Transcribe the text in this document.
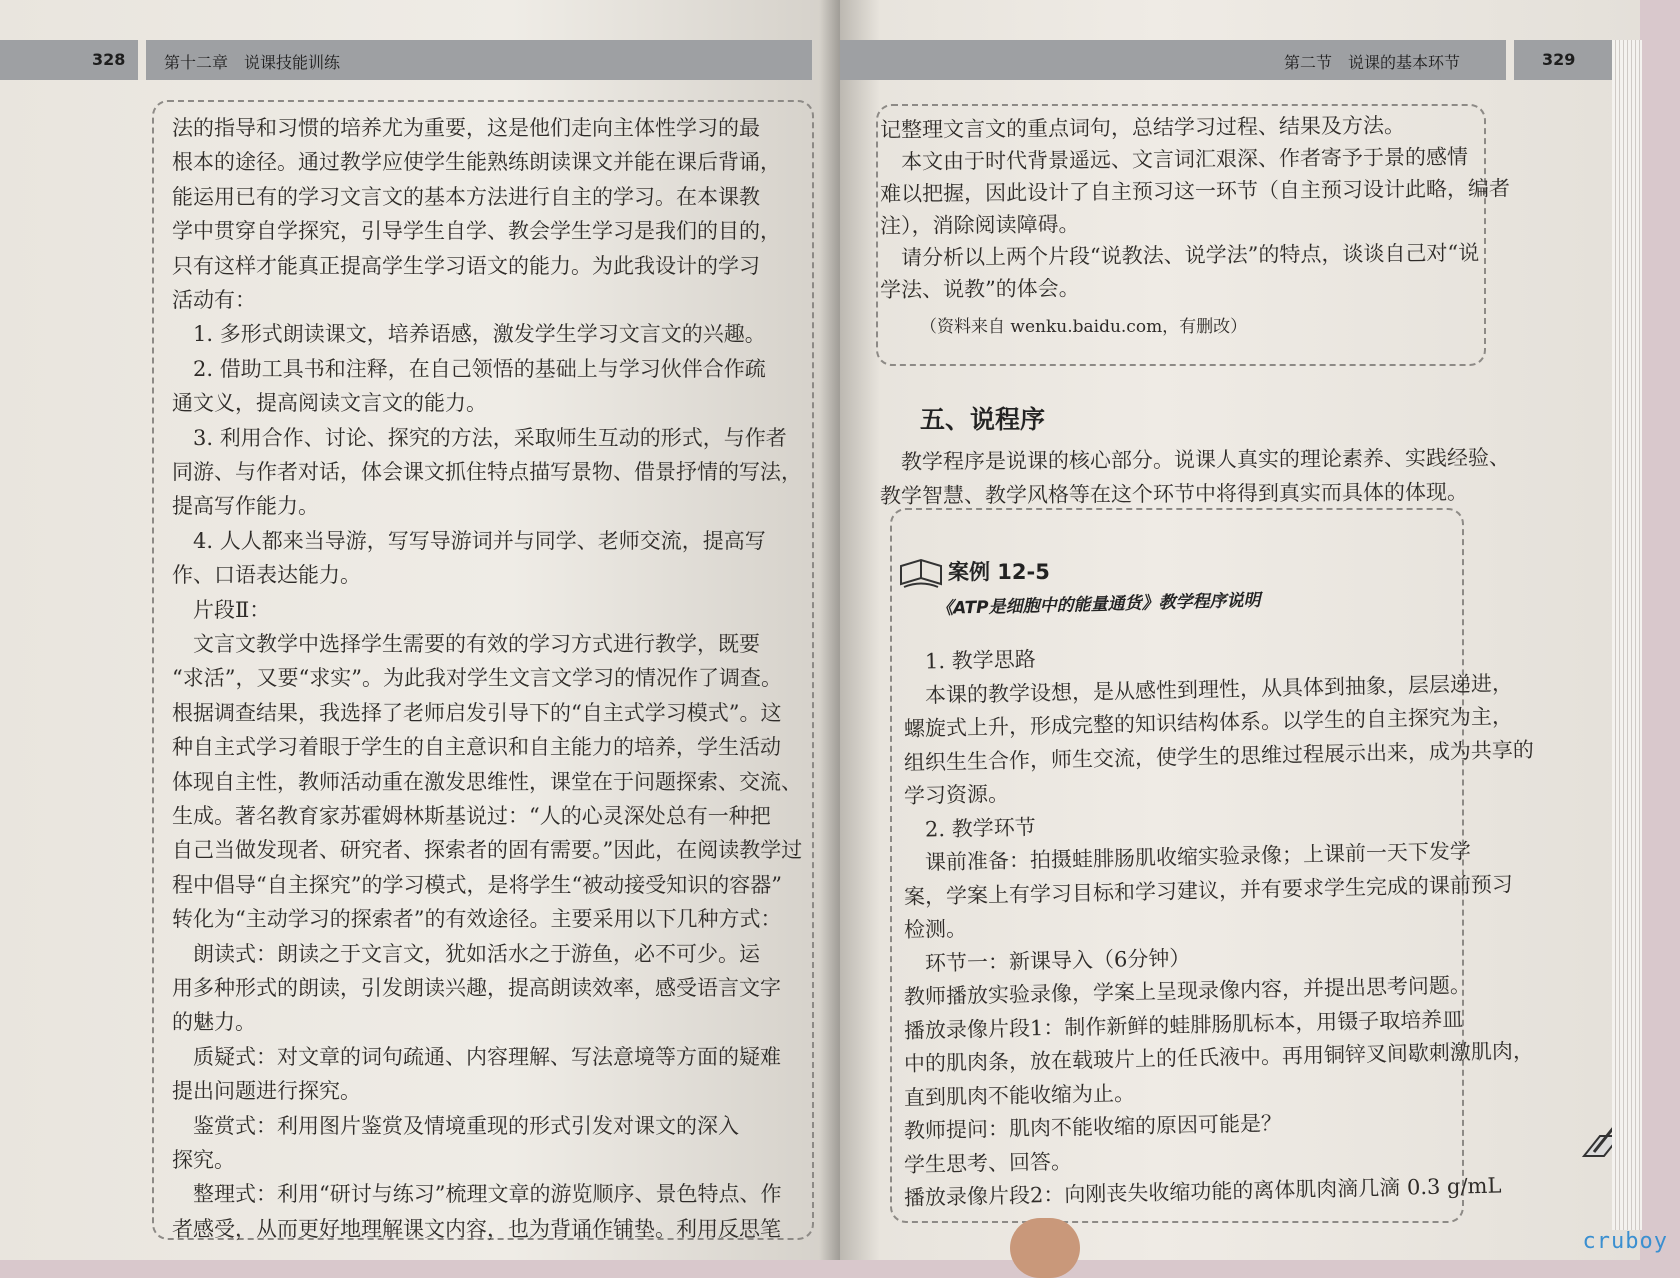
328 第十二章　说课技能训练
法的指导和习惯的培养尤为重要，这是他们走向主体性学习的最
根本的途径。通过教学应使学生能熟练朗读课文并能在课后背诵，
能运用已有的学习文言文的基本方法进行自主的学习。在本课教
学中贯穿自学探究，引导学生自学、教会学生学习是我们的目的，
只有这样才能真正提高学生学习语文的能力。为此我设计的学习
活动有：
　1. 多形式朗读课文，培养语感，激发学生学习文言文的兴趣。
　2. 借助工具书和注释，在自己领悟的基础上与学习伙伴合作疏
通文义，提高阅读文言文的能力。
　3. 利用合作、讨论、探究的方法，采取师生互动的形式，与作者
同游、与作者对话，体会课文抓住特点描写景物、借景抒情的写法，
提高写作能力。
　4. 人人都来当导游，写写导游词并与同学、老师交流，提高写
作、口语表达能力。
　片段Ⅱ：
　文言文教学中选择学生需要的有效的学习方式进行教学，既要
“求活”，又要“求实”。为此我对学生文言文学习的情况作了调查。
根据调查结果，我选择了老师启发引导下的“自主式学习模式”。这
种自主式学习着眼于学生的自主意识和自主能力的培养，学生活动
体现自主性，教师活动重在激发思维性，课堂在于问题探索、交流、
生成。著名教育家苏霍姆林斯基说过：“人的心灵深处总有一种把
自己当做发现者、研究者、探索者的固有需要。”因此，在阅读教学过
程中倡导“自主探究”的学习模式，是将学生“被动接受知识的容器”
转化为“主动学习的探索者”的有效途径。主要采用以下几种方式：
　朗读式：朗读之于文言文，犹如活水之于游鱼，必不可少。运
用多种形式的朗读，引发朗读兴趣，提高朗读效率，感受语言文字
的魅力。
　质疑式：对文章的词句疏通、内容理解、写法意境等方面的疑难
提出问题进行探究。
　鉴赏式：利用图片鉴赏及情境重现的形式引发对课文的深入
探究。
　整理式：利用“研讨与练习”梳理文章的游览顺序、景色特点、作
者感受，从而更好地理解课文内容，也为背诵作铺垫。利用反思笔
第二节　说课的基本环节	329
记整理文言文的重点词句，总结学习过程、结果及方法。
　本文由于时代背景遥远、文言词汇艰深、作者寄予于景的感情
难以把握，因此设计了自主预习这一环节（自主预习设计此略，编者
注），消除阅读障碍。
　请分析以上两个片段“说教法、说学法”的特点，谈谈自己对“说
学法、说教”的体会。
（资料来自 wenku.baidu.com，有删改）
五、说程序
　教学程序是说课的核心部分。说课人真实的理论素养、实践经验、
教学智慧、教学风格等在这个环节中将得到真实而具体的体现。
案例 12-5
《ATP是细胞中的能量通货》教学程序说明
　1. 教学思路
　本课的教学设想，是从感性到理性，从具体到抽象，层层递进，
螺旋式上升，形成完整的知识结构体系。以学生的自主探究为主，
组织生生合作，师生交流，使学生的思维过程展示出来，成为共享的
学习资源。
　2. 教学环节
　课前准备：拍摄蛙腓肠肌收缩实验录像；上课前一天下发学
案，学案上有学习目标和学习建议，并有要求学生完成的课前预习
检测。
　环节一：新课导入（6分钟）
教师播放实验录像，学案上呈现录像内容，并提出思考问题。
播放录像片段1：制作新鲜的蛙腓肠肌标本，用镊子取培养皿
中的肌肉条，放在载玻片上的任氏液中。再用铜锌叉间歇刺激肌肉，
直到肌肉不能收缩为止。
教师提问：肌肉不能收缩的原因可能是？
学生思考、回答。
播放录像片段2：向刚丧失收缩功能的离体肌肉滴几滴 0.3 g/mL
cruboy
